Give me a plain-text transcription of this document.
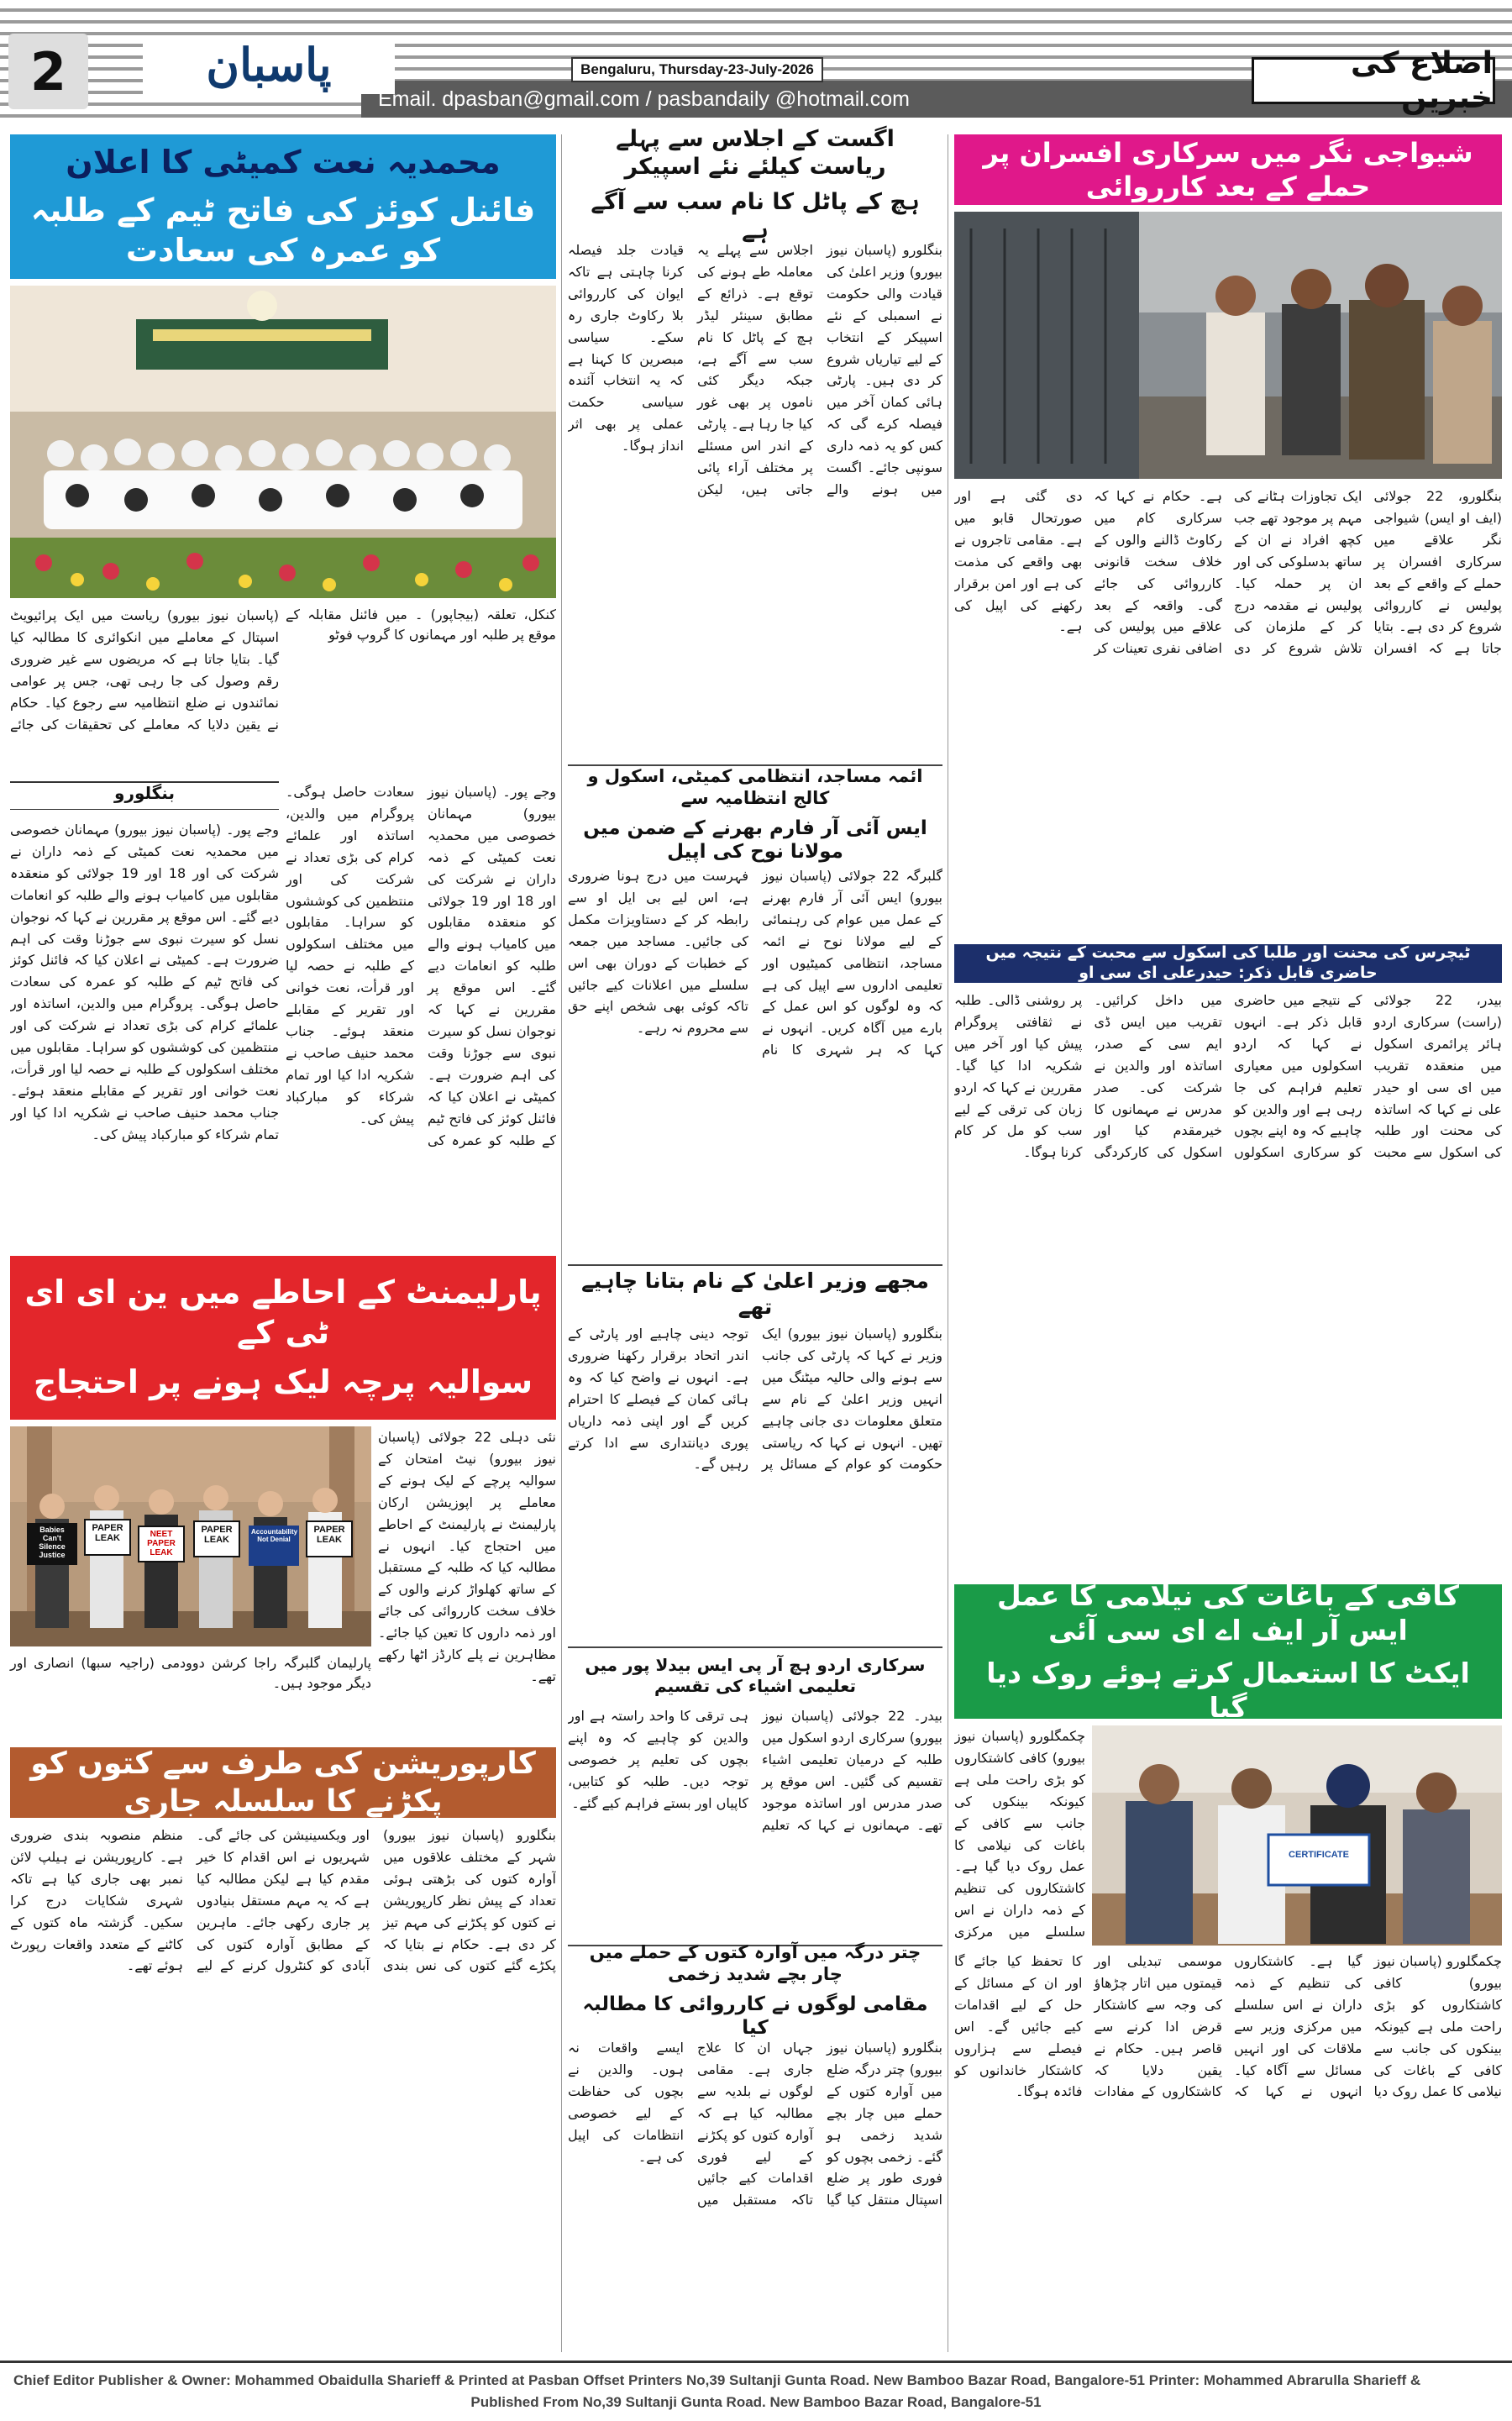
2	پاسبان	Bengaluru, Thursday-23-July-2026
Email. dpasban@gmail.com / pasbandaily @hotmail.com
اضلاع کی خبریں
محمدیہ نعت کمیٹی کا اعلان
فائنل کوئز کی فاتح ٹیم کے طلبہ کو عمرہ کی سعادت
کنکل، تعلقہ (بیجاپور) ۔ میں فائنل مقابلہ کے موقع پر طلبہ اور مہمانوں کا گروپ فوٹو

(پاسبان نیوز بیورو) ریاست میں ایک پرائیویٹ اسپتال کے معاملے میں انکوائری کا مطالبہ کیا گیا۔ بتایا جاتا ہے کہ مریضوں سے غیر ضروری رقم وصول کی جا رہی تھی، جس پر عوامی نمائندوں نے ضلع انتظامیہ سے رجوع کیا۔ حکام نے یقین دلایا کہ معاملے کی تحقیقات کی جائے

بنگلورو	وجے پور۔ (پاسبان نیوز بیورو) مہمانان خصوصی میں محمدیہ نعت کمیٹی کے ذمہ داران نے شرکت کی اور 18 اور 19 جولائی کو منعقدہ مقابلوں میں کامیاب ہونے والے طلبہ کو انعامات دیے گئے۔ اس موقع پر مقررین نے کہا کہ نوجوان نسل کو سیرت نبوی سے جوڑنا وقت کی اہم ضرورت ہے۔ کمیٹی نے اعلان کیا کہ فائنل کوئز کی فاتح ٹیم کے طلبہ کو عمرہ کی سعادت حاصل ہوگی۔ پروگرام میں والدین، اساتذہ اور علمائے کرام کی بڑی تعداد نے شرکت کی اور منتظمین کی کوششوں کو سراہا۔ مقابلوں میں مختلف اسکولوں کے طلبہ نے حصہ لیا اور قرأت، نعت خوانی اور تقریر کے مقابلے منعقد ہوئے۔ جناب محمد حنیف صاحب نے شکریہ ادا کیا اور تمام شرکاء کو مبارکباد پیش کی۔

وجے پور۔ (پاسبان نیوز بیورو) مہمانان خصوصی میں محمدیہ نعت کمیٹی کے ذمہ داران نے شرکت کی اور 18 اور 19 جولائی کو منعقدہ مقابلوں میں کامیاب ہونے والے طلبہ کو انعامات دیے گئے۔ اس موقع پر مقررین نے کہا کہ نوجوان نسل کو سیرت نبوی سے جوڑنا وقت کی اہم ضرورت ہے۔ کمیٹی نے اعلان کیا کہ فائنل کوئز کی فاتح ٹیم کے طلبہ کو عمرہ کی سعادت حاصل ہوگی۔ پروگرام میں والدین، اساتذہ اور علمائے کرام کی بڑی تعداد نے شرکت کی اور منتظمین کی کوششوں کو سراہا۔ مقابلوں میں مختلف اسکولوں کے طلبہ نے حصہ لیا اور قرأت، نعت خوانی اور تقریر کے مقابلے منعقد ہوئے۔ جناب محمد حنیف صاحب نے شکریہ ادا کیا اور تمام شرکاء کو مبارکباد پیش کی۔

پارلیمنٹ کے احاطے میں ین ای ای ٹی کے
سوالیہ پرچہ لیک ہونے پر احتجاج
Babies Can't Silence Justice
PAPER LEAK	NEET PAPER LEAK
PAPER LEAK
Accountability Not Denial
PAPER LEAK

نئی دہلی 22 جولائی (پاسبان نیوز بیورو) نیٹ امتحان کے سوالیہ پرچے کے لیک ہونے کے معاملے پر اپوزیشن ارکان پارلیمنٹ نے پارلیمنٹ کے احاطے میں احتجاج کیا۔ انہوں نے مطالبہ کیا کہ طلبہ کے مستقبل کے ساتھ کھلواڑ کرنے والوں کے خلاف سخت کارروائی کی جائے اور ذمہ داروں کا تعین کیا جائے۔ مظاہرین نے پلے کارڈز اٹھا رکھے تھے۔

پارلیمان گلبرگہ راجا کرشن دوودمی (راجیہ سبھا) انصاری اور دیگر موجود ہیں۔
کارپوریشن کی طرف سے کتوں کو پکڑنے کا سلسلہ جاری

بنگلورو (پاسبان نیوز بیورو) شہر کے مختلف علاقوں میں آوارہ کتوں کی بڑھتی ہوئی تعداد کے پیش نظر کارپوریشن نے کتوں کو پکڑنے کی مہم تیز کر دی ہے۔ حکام نے بتایا کہ پکڑے گئے کتوں کی نس بندی اور ویکسینیشن کی جائے گی۔ شہریوں نے اس اقدام کا خیر مقدم کیا ہے لیکن مطالبہ کیا ہے کہ یہ مہم مستقل بنیادوں پر جاری رکھی جائے۔ ماہرین کے مطابق آوارہ کتوں کی آبادی کو کنٹرول کرنے کے لیے منظم منصوبہ بندی ضروری ہے۔ کارپوریشن نے ہیلپ لائن نمبر بھی جاری کیا ہے تاکہ شہری شکایات درج کرا سکیں۔ گزشتہ ماہ کتوں کے کاٹنے کے متعدد واقعات رپورٹ ہوئے تھے۔

اگست کے اجلاس سے پہلے ریاست کیلئے نئے اسپیکر
ہچ کے پاٹل کا نام سب سے آگے ہے

بنگلورو (پاسبان نیوز بیورو) وزیر اعلیٰ کی قیادت والی حکومت نے اسمبلی کے نئے اسپیکر کے انتخاب کے لیے تیاریاں شروع کر دی ہیں۔ پارٹی ہائی کمان آخر میں فیصلہ کرے گی کہ کس کو یہ ذمہ داری سونپی جائے۔ اگست میں ہونے والے اجلاس سے پہلے یہ معاملہ طے ہونے کی توقع ہے۔ ذرائع کے مطابق سینئر لیڈر ہچ کے پاٹل کا نام سب سے آگے ہے، جبکہ دیگر کئی ناموں پر بھی غور کیا جا رہا ہے۔ پارٹی کے اندر اس مسئلے پر مختلف آراء پائی جاتی ہیں، لیکن قیادت جلد فیصلہ کرنا چاہتی ہے تاکہ ایوان کی کارروائی بلا رکاوٹ جاری رہ سکے۔ سیاسی مبصرین کا کہنا ہے کہ یہ انتخاب آئندہ سیاسی حکمت عملی پر بھی اثر انداز ہوگا۔

ائمہ مساجد، انتظامی کمیٹی، اسکول و کالج انتظامیہ سے
ایس آئی آر فارم بھرنے کے ضمن میں مولانا نوح کی اپیل

گلبرگہ 22 جولائی (پاسبان نیوز بیورو) ایس آئی آر فارم بھرنے کے عمل میں عوام کی رہنمائی کے لیے مولانا نوح نے ائمہ مساجد، انتظامی کمیٹیوں اور تعلیمی اداروں سے اپیل کی ہے کہ وہ لوگوں کو اس عمل کے بارے میں آگاہ کریں۔ انہوں نے کہا کہ ہر شہری کا نام فہرست میں درج ہونا ضروری ہے، اس لیے بی ایل او سے رابطہ کر کے دستاویزات مکمل کی جائیں۔ مساجد میں جمعہ کے خطبات کے دوران بھی اس سلسلے میں اعلانات کیے جائیں تاکہ کوئی بھی شخص اپنے حق سے محروم نہ رہے۔

مجھے وزیر اعلیٰ کے نام بتانا چاہیے تھے

بنگلورو (پاسبان نیوز بیورو) ایک وزیر نے کہا کہ پارٹی کی جانب سے ہونے والی حالیہ میٹنگ میں انہیں وزیر اعلیٰ کے نام سے متعلق معلومات دی جانی چاہیے تھیں۔ انہوں نے کہا کہ ریاستی حکومت کو عوام کے مسائل پر توجہ دینی چاہیے اور پارٹی کے اندر اتحاد برقرار رکھنا ضروری ہے۔ انہوں نے واضح کیا کہ وہ ہائی کمان کے فیصلے کا احترام کریں گے اور اپنی ذمہ داریاں پوری دیانتداری سے ادا کرتے رہیں گے۔

سرکاری اردو ہچ آر پی ایس بیدلا پور میں تعلیمی اشیاء کی تقسیم

بیدر۔ 22 جولائی (پاسبان نیوز بیورو) سرکاری اردو اسکول میں طلبہ کے درمیان تعلیمی اشیاء تقسیم کی گئیں۔ اس موقع پر صدر مدرس اور اساتذہ موجود تھے۔ مہمانوں نے کہا کہ تعلیم ہی ترقی کا واحد راستہ ہے اور والدین کو چاہیے کہ وہ اپنے بچوں کی تعلیم پر خصوصی توجہ دیں۔ طلبہ کو کتابیں، کاپیاں اور بستے فراہم کیے گئے۔

چتر درگہ میں آوارہ کتوں کے حملے میں چار بچے شدید زخمی
مقامی لوگوں نے کارروائی کا مطالبہ کیا

بنگلورو (پاسبان نیوز بیورو) چتر درگہ ضلع میں آوارہ کتوں کے حملے میں چار بچے شدید زخمی ہو گئے۔ زخمی بچوں کو فوری طور پر ضلع اسپتال منتقل کیا گیا جہاں ان کا علاج جاری ہے۔ مقامی لوگوں نے بلدیہ سے مطالبہ کیا ہے کہ آوارہ کتوں کو پکڑنے کے لیے فوری اقدامات کیے جائیں تاکہ مستقبل میں ایسے واقعات نہ ہوں۔ والدین نے بچوں کی حفاظت کے لیے خصوصی انتظامات کی اپیل کی ہے۔

شیواجی نگر میں سرکاری افسران پر حملے کے بعد کارروائی

بنگلورو، 22 جولائی (ایف او ایس) شیواجی نگر علاقے میں سرکاری افسران پر حملے کے واقعے کے بعد پولیس نے کارروائی شروع کر دی ہے۔ بتایا جاتا ہے کہ افسران ایک تجاوزات ہٹانے کی مہم پر موجود تھے جب کچھ افراد نے ان کے ساتھ بدسلوکی کی اور ان پر حملہ کیا۔ پولیس نے مقدمہ درج کر کے ملزمان کی تلاش شروع کر دی ہے۔ حکام نے کہا کہ سرکاری کام میں رکاوٹ ڈالنے والوں کے خلاف سخت قانونی کارروائی کی جائے گی۔ واقعہ کے بعد علاقے میں پولیس کی اضافی نفری تعینات کر دی گئی ہے اور صورتحال قابو میں ہے۔ مقامی تاجروں نے بھی واقعے کی مذمت کی ہے اور امن برقرار رکھنے کی اپیل کی ہے۔

ٹیچرس کی محنت اور طلبا کی اسکول سے محبت کے نتیجہ میں حاضری قابل ذکر: حیدرعلی ای سی او

بیدر، 22 جولائی (راست) سرکاری اردو ہائر پرائمری اسکول میں منعقدہ تقریب میں ای سی او حیدر علی نے کہا کہ اساتذہ کی محنت اور طلبہ کی اسکول سے محبت کے نتیجے میں حاضری قابل ذکر ہے۔ انہوں نے کہا کہ اردو اسکولوں میں معیاری تعلیم فراہم کی جا رہی ہے اور والدین کو چاہیے کہ وہ اپنے بچوں کو سرکاری اسکولوں میں داخل کرائیں۔ تقریب میں ایس ڈی ایم سی کے صدر، اساتذہ اور والدین نے شرکت کی۔ صدر مدرس نے مہمانوں کا خیرمقدم کیا اور اسکول کی کارکردگی پر روشنی ڈالی۔ طلبہ نے ثقافتی پروگرام پیش کیا اور آخر میں شکریہ ادا کیا گیا۔ مقررین نے کہا کہ اردو زبان کی ترقی کے لیے سب کو مل کر کام کرنا ہوگا۔

کافی کے باغات کی نیلامی کا عمل ایس آر ایف اے ای سی آئی
ایکٹ کا استعمال کرتے ہوئے روک دیا گیا
CERTIFICATE

چکمگلورو (پاسبان نیوز بیورو) کافی کاشتکاروں کو بڑی راحت ملی ہے کیونکہ بینکوں کی جانب سے کافی کے باغات کی نیلامی کا عمل روک دیا گیا ہے۔ کاشتکاروں کی تنظیم کے ذمہ داران نے اس سلسلے میں مرکزی

چکمگلورو (پاسبان نیوز بیورو) کافی کاشتکاروں کو بڑی راحت ملی ہے کیونکہ بینکوں کی جانب سے کافی کے باغات کی نیلامی کا عمل روک دیا گیا ہے۔ کاشتکاروں کی تنظیم کے ذمہ داران نے اس سلسلے میں مرکزی وزیر سے ملاقات کی اور انہیں مسائل سے آگاہ کیا۔ انہوں نے کہا کہ موسمی تبدیلی اور قیمتوں میں اتار چڑھاؤ کی وجہ سے کاشتکار قرض ادا کرنے سے قاصر ہیں۔ حکام نے یقین دلایا کہ کاشتکاروں کے مفادات کا تحفظ کیا جائے گا اور ان کے مسائل کے حل کے لیے اقدامات کیے جائیں گے۔ اس فیصلے سے ہزاروں کاشتکار خاندانوں کو فائدہ ہوگا۔

Chief Editor Publisher & Owner: Mohammed Obaidulla Sharieff & Printed at Pasban Offset Printers No,39 Sultanji Gunta Road. New Bamboo Bazar Road, Bangalore-51 Printer: Mohammed Abrarulla Sharieff &
Published From No,39 Sultanji Gunta Road. New Bamboo Bazar Road, Bangalore-51
